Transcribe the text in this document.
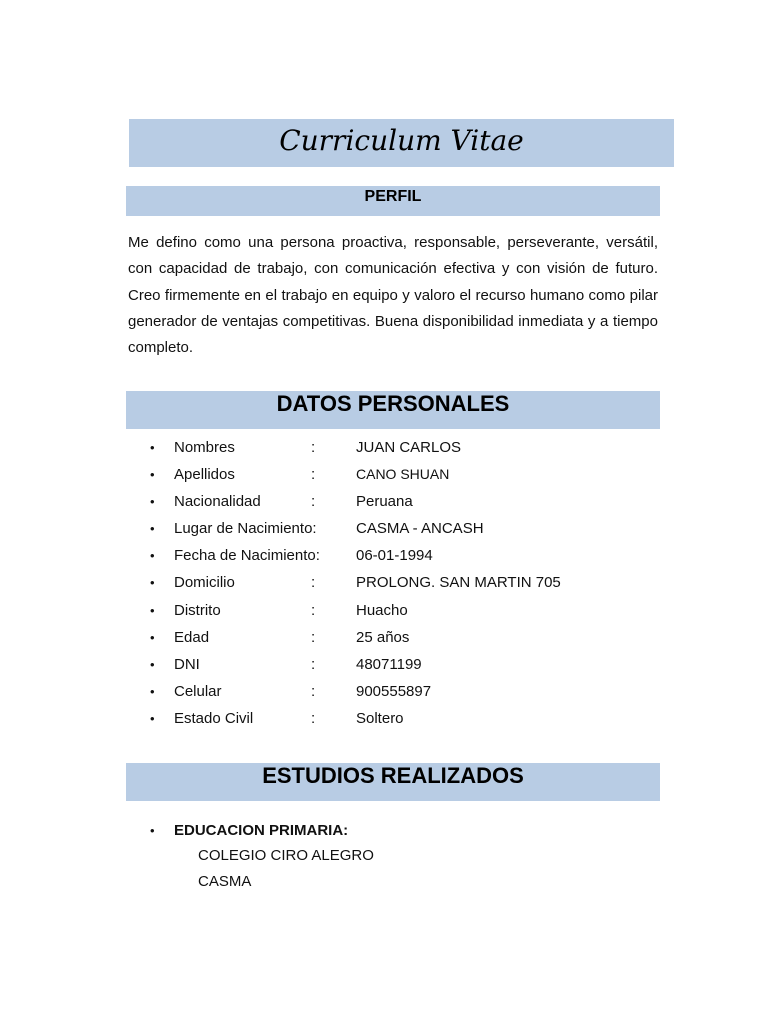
Curriculum Vitae
PERFIL

Me defino como una persona proactiva, responsable, perseverante, versátil, con capacidad de trabajo, con comunicación efectiva y con visión de futuro. Creo firmemente en el trabajo en equipo y valoro el recurso humano como pilar generador de ventajas competitivas. Buena disponibilidad inmediata y a tiempo completo.

DATOS PERSONALES
• Nombres	:	JUAN CARLOS
• Apellidos	:	CANO SHUAN
• Nacionalidad	:	Peruana
• Lugar de Nacimiento:	CASMA - ANCASH
• Fecha de Nacimiento: 06-01-1994
• Domicilio	:	PROLONG. SAN MARTIN 705
• Distrito	:	Huacho
• Edad	:	25 años
• DNI	:	48071199
• Celular	:	900555897
• Estado Civil	:	Soltero
ESTUDIOS REALIZADOS
• EDUCACION PRIMARIA:
COLEGIO CIRO ALEGRO
CASMA
